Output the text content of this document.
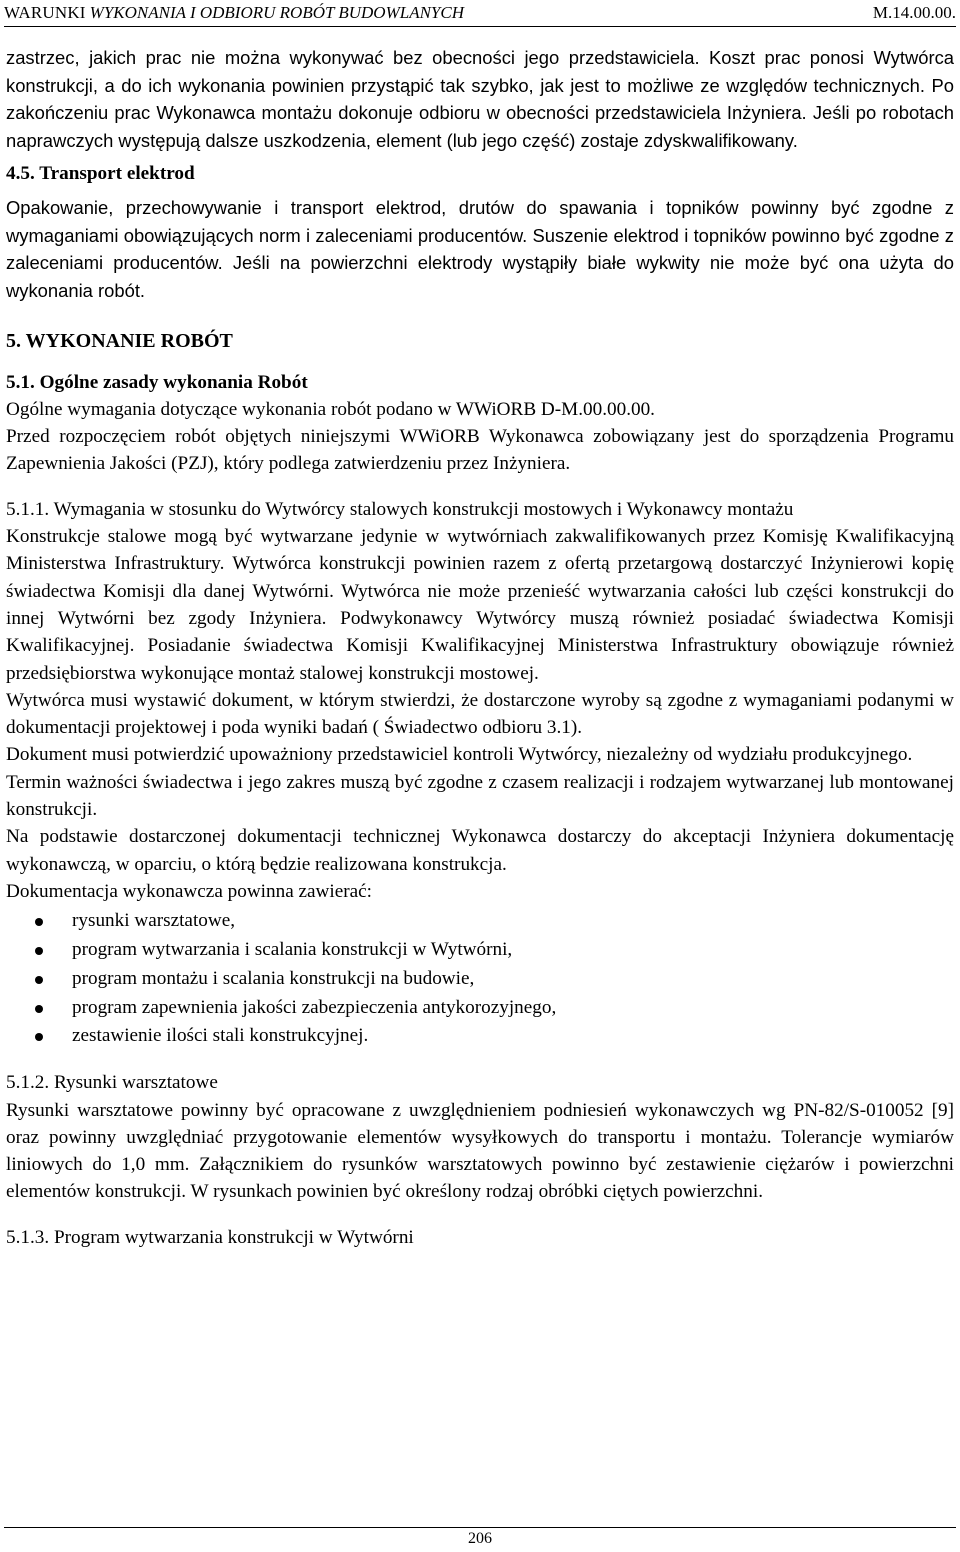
WARUNKI WYKONANIA I ODBIORU ROBÓT BUDOWLANYCH	M.14.00.00.

zastrzec, jakich prac nie można wykonywać bez obecności jego przedstawiciela. Koszt prac ponosi Wytwórca konstrukcji, a do ich wykonania powinien przystąpić tak szybko, jak jest to możliwe ze względów technicznych. Po zakończeniu prac Wykonawca montażu dokonuje odbioru w obecności przedstawiciela Inżyniera. Jeśli po robotach naprawczych występują dalsze uszkodzenia, element (lub jego część) zostaje zdyskwalifikowany.

4.5. Transport elektrod

Opakowanie, przechowywanie i transport elektrod, drutów do spawania i topników powinny być zgodne z wymaganiami obowiązujących norm i zaleceniami producentów. Suszenie elektrod i topników powinno być zgodne z zaleceniami producentów. Jeśli na powierzchni elektrody wystąpiły białe wykwity nie może być ona użyta do wykonania robót.

5. WYKONANIE ROBÓT
5.1. Ogólne zasady wykonania Robót

Ogólne wymagania dotyczące wykonania robót podano w WWiORB D-M.00.00.00.

Przed rozpoczęciem robót objętych niniejszymi WWiORB Wykonawca zobowiązany jest do sporządzenia Programu Zapewnienia Jakości (PZJ), który podlega zatwierdzeniu przez Inżyniera.

5.1.1. Wymagania w stosunku do Wytwórcy stalowych konstrukcji mostowych i Wykonawcy montażu

Konstrukcje stalowe mogą być wytwarzane jedynie w wytwórniach zakwalifikowanych przez Komisję Kwalifikacyjną Ministerstwa Infrastruktury. Wytwórca konstrukcji powinien razem z ofertą przetargową dostarczyć Inżynierowi kopię świadectwa Komisji dla danej Wytwórni. Wytwórca nie może przenieść wytwarzania całości lub części konstrukcji do innej Wytwórni bez zgody Inżyniera. Podwykonawcy Wytwórcy muszą również posiadać świadectwa Komisji Kwalifikacyjnej. Posiadanie świadectwa Komisji Kwalifikacyjnej Ministerstwa Infrastruktury obowiązuje również przedsiębiorstwa wykonujące montaż stalowej konstrukcji mostowej.

Wytwórca musi wystawić dokument, w którym stwierdzi, że dostarczone wyroby są zgodne z wymaganiami podanymi w dokumentacji projektowej i poda wyniki badań ( Świadectwo odbioru 3.1).

Dokument musi potwierdzić upoważniony przedstawiciel kontroli Wytwórcy, niezależny od wydziału produkcyjnego.

Termin ważności świadectwa i jego zakres muszą być zgodne z czasem realizacji i rodzajem wytwarzanej lub montowanej konstrukcji.

Na podstawie dostarczonej dokumentacji technicznej Wykonawca dostarczy do akceptacji Inżyniera dokumentację wykonawczą, w oparciu, o którą będzie realizowana konstrukcja.

Dokumentacja wykonawcza powinna zawierać:

rysunki warsztatowe,
program wytwarzania i scalania konstrukcji w Wytwórni,
program montażu i scalania konstrukcji na budowie,
program zapewnienia jakości zabezpieczenia antykorozyjnego,
zestawienie ilości stali konstrukcyjnej.

5.1.2. Rysunki warsztatowe

Rysunki warsztatowe powinny być opracowane z uwzględnieniem podniesień wykonawczych wg PN-82/S-010052 [9] oraz powinny uwzględniać przygotowanie elementów wysyłkowych do transportu i montażu. Tolerancje wymiarów liniowych do 1,0 mm. Załącznikiem do rysunków warsztatowych powinno być zestawienie ciężarów i powierzchni elementów konstrukcji. W rysunkach powinien być określony rodzaj obróbki ciętych powierzchni.

5.1.3. Program wytwarzania konstrukcji w Wytwórni

206
